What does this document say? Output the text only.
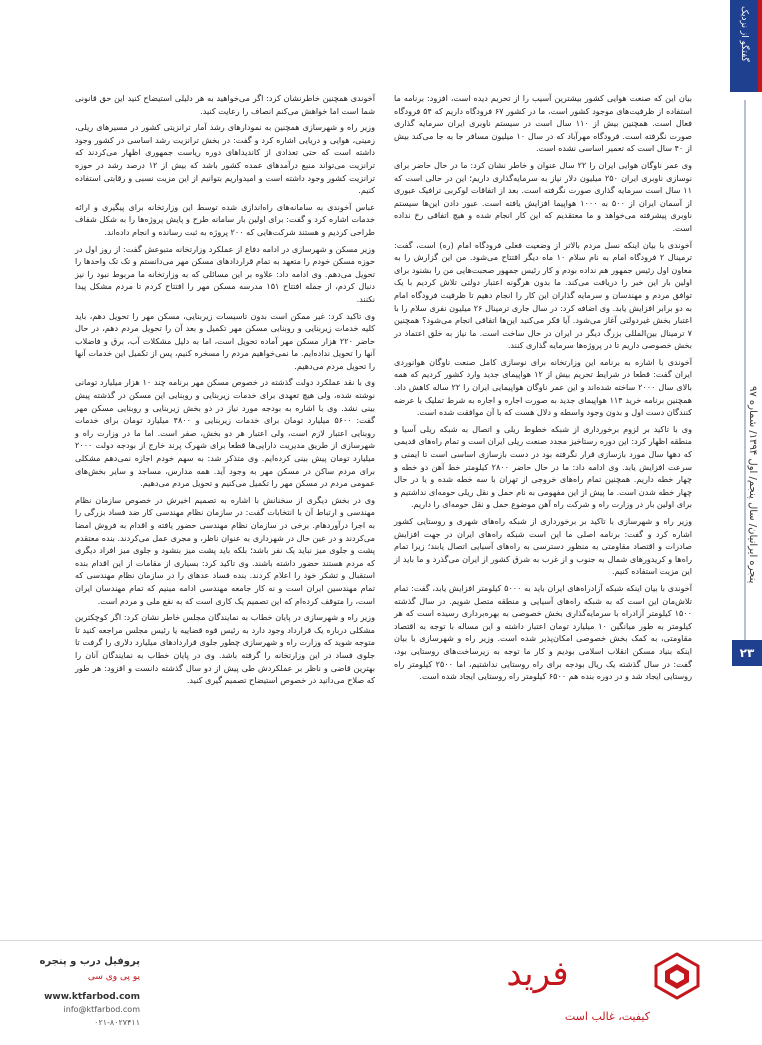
گفتگو از نزدیک
پنجره ایرانیان/ سال پنجم/ اول ۱۳۹۴/ شماره ۹۷
۲۳

بیان این که صنعت هوایی کشور بیشترین آسیب را از تحریم دیده است، افزود: برنامه ما استفاده از ظرفیت‌های موجود کشور است، ما در کشور ۶۷ فرودگاه داریم که ۵۴ فرودگاه فعال است. همچنین بیش از ۱۱۰ سال است در سیستم ناوبری ایران سرمایه گذاری صورت نگرفته است. فرودگاه مهرآباد که در سال ۱۰ میلیون مسافر جا به جا می‌کند بیش از ۴۰ سال است که تعمیر اساسی نشده است.

وی عمر ناوگان هوایی ایران را ۲۲ سال عنوان و خاطر نشان کرد: ما در حال حاضر برای نوسازی ناوبری ایران ۲۵۰ میلیون دلار نیاز به سرمایه‌گذاری داریم؛ این در حالی است که ۱۱ سال است سرمایه گذاری صورت نگرفته است. بعد از اتفاقات لوکربی ترافیک عبوری از آسمان ایران از ۵۰۰ به ۱۰۰۰ هواپیما افزایش یافته است. عبور دادن این‌ها سیستم ناوبری پیشرفته می‌خواهد و ما معتقدیم که این کار انجام شده و هیچ اتفاقی رخ نداده است.

آخوندی با بیان اینکه نسل مردم بالاتر از وضعیت فعلی فرودگاه امام (ره) است، گفت: ترمینال ۲ فرودگاه امام به نام سلام ۱۰ ماه دیگر افتتاح می‌شود. من این گزارش را به معاون اول رئیس جمهور هم نداده بودم و کار رئیس جمهور صحبت‌هایی من را بشنود برای اولین بار این خبر را دریافت می‌کند. ما بدون هرگونه اعتبار دولتی تلاش کردیم با یک توافق مردم و مهندسان و سرمایه گذاران این کار را انجام دهیم تا ظرفیت فرودگاه امام به دو برابر افزایش یابد. وی اضافه کرد: در سال جاری ترمینال ۲۶ میلیون نفری سلام را با اعتبار بخش غیردولتی آغاز می‌شود. آیا فکر می‌کنید این‌ها اتفاقی انجام می‌شود؟ همچنین ۷ ترمینال بین‌المللی بزرگ دیگر در ایران در حال ساخت است. ما نیاز به خلق اعتماد در بخش خصوصی داریم تا در پروژه‌ها سرمایه گذاری کنند.

آخوندی با اشاره به برنامه این وزارتخانه برای نوسازی کامل صنعت ناوگان هوانوردی ایران گفت: قطعا در شرایط تحریم بیش از ۱۲ هواپیمای جدید وارد کشور کردیم که همه بالای سال ۲۰۰۰ ساخته شده‌اند و این عمر ناوگان هواپیمایی ایران را ۲۲ ساله کاهش داد. همچنین برنامه خرید ۱۱۴ هواپیمای جدید به صورت اجاره و اجاره به شرط تملیک با عرضه کنندگان دست اول و بدون وجود واسطه و دلال هست که با آن موافقت شده است.

وی با تاکید بر لزوم برخورداری از شبکه خطوط ریلی و اتصال به شبکه ریلی آسیا و منطقه اظهار کرد: این دوره رستاخیز مجدد صنعت ریلی ایران است و تمام راه‌های قدیمی که دهها سال مورد بازسازی قرار نگرفته بود در دست بازسازی اساسی است تا ایمنی و سرعت افزایش یابد. وی ادامه داد: ما در حال حاضر ۲۸۰۰ کیلومتر خط آهن دو خطه و چهار خطه داریم. همچنین تمام راه‌های خروجی از تهران با سه خطه شده و یا در حال چهار خطه شدن است. ما پیش از این مفهومی به نام حمل و نقل ریلی حومه‌ای نداشتیم و برای اولین بار در وزارت راه و شرکت راه آهن موضوع حمل و نقل حومه‌ای را داریم.

وزیر راه و شهرسازی با تاکید بر برخورداری از شبکه راه‌های شهری و روستایی کشور اشاره کرد و گفت: برنامه اصلی ما این است شبکه راه‌های ایران در جهت افزایش صادرات و اقتصاد مقاومتی به منظور دسترسی به راه‌های آسیایی اتصال یابند؛ زیرا تمام راه‌ها و کریدورهای شمال به جنوب و از غرب به شرق کشور از ایران می‌گذرد و ما باید از این مزیت استفاده کنیم.

آخوندی با بیان اینکه شبکه آزادراه‌های ایران باید به ۵۰۰۰ کیلومتر افزایش یابد، گفت: تمام تلاش‌مان این است که به شبکه راه‌های آسیایی و منطقه متصل شویم. در سال گذشته ۱۵۰۰ کیلومتر آزادراه با سرمایه‌گذاری بخش خصوصی به بهره‌برداری رسیده است که هر کیلومتر به طور میانگین ۱۰ میلیارد تومان اعتبار داشته و این مساله با توجه به اقتصاد مقاومتی، به کمک بخش خصوصی امکان‌پذیر شده است. وزیر راه و شهرسازی با بیان اینکه بنیاد مسکن انقلاب اسلامی بودیم و کار ما توجه به زیرساخت‌های روستایی بود، گفت: در سال گذشته یک ریال بودجه برای راه روستایی نداشتیم، اما ۲۵۰۰ کیلومتر راه روستایی ایجاد شد و در دوره بنده هم ۶۵۰۰ کیلومتر راه روستایی ایجاد شده است.

آخوندی همچنین خاطرنشان کرد: اگر می‌خواهید به هر دلیلی استیضاح کنید این حق قانونی شما است اما خواهش می‌کنم انصاف را رعایت کنید.

وزیر راه و شهرسازی همچنین به نمودارهای رشد آمار ترانزیتی کشور در مسیرهای ریلی، زمینی، هوایی و دریایی اشاره کرد و گفت: در بخش ترانزیت رشد اساسی در کشور وجود داشته است که حتی تعدادی از کاندیداهای دوره ریاست جمهوری اظهار می‌کردند که ترانزیت می‌تواند منبع درآمدهای عمده کشور باشد که بیش از ۱۲ درصد رشد در حوزه ترانزیت کشور وجود داشته است و امیدواریم بتوانیم از این مزیت نسبی و رقابتی استفاده کنیم.

عباس آخوندی به سامانه‌های راه‌اندازی شده توسط این وزارتخانه برای پیگیری و ارائه خدمات اشاره کرد و گفت: برای اولین بار سامانه طرح و پایش پروژه‌ها را به شکل شفاف طراحی کردیم و هستند شرکت‌هایی که ۲۰۰ پروژه به ثبت رسانده و انجام داده‌اند.

وزیر مسکن و شهرسازی در ادامه دفاع از عملکرد وزارتخانه متبوعش گفت: از روز اول در حوزه مسکن خودم را متعهد به تمام قراردادهای مسکن مهر می‌دانستم و تک تک واحدها را تحویل می‌دهم. وی ادامه داد: علاوه بر این مسائلی که به وزارتخانه ما مربوط نبود را نیز دنبال کردم، از جمله افتتاح ۱۵۱ مدرسه مسکن مهر را افتتاح کردم تا مردم مشکل پیدا نکنند.

وی تاکید کرد: غیر ممکن است بدون تاسیسات زیربنایی، مسکن مهر را تحویل دهم، باید کلیه خدمات زیربنایی و روبنایی مسکن مهر تکمیل و بعد آن را تحویل مردم دهم، در حال حاضر ۲۲۰ هزار مسکن مهر آماده تحویل است، اما به دلیل مشکلات آب، برق و فاضلاب آنها را تحویل نداده‌ایم. ما نمی‌خواهیم مردم را مسخره کنیم، پس از تکمیل این خدمات آنها را تحویل مردم می‌دهیم.

وی با نقد عملکرد دولت گذشته در خصوص مسکن مهر برنامه چند ۱۰ هزار میلیارد تومانی نوشته شده، ولی هیچ تعهدی برای خدمات زیربنایی و روبنایی این مسکن در گذشته پیش بینی نشد. وی با اشاره به بودجه مورد نیاز در دو بخش زیربنایی و روبنایی مسکن مهر گفت: ۵۶۰۰ میلیارد تومان برای خدمات زیربنایی و ۴۸۰۰ میلیارد تومان برای خدمات روبنایی اعتبار لازم است، ولی اعتبار هر دو بخش، صفر است. اما ما در وزارت راه و شهرسازی از طریق مدیریت دارایی‌ها قطعا برای شهرک پرند خارج از بودجه دولت ۲۰۰۰ میلیارد تومان پیش بینی کرده‌ایم. وی متذکر شد: به سهم خودم اجازه نمی‌دهم مشکلی برای مردم ساکن در مسکن مهر به وجود آید. همه مدارس، مساجد و سایر بخش‌های عمومی مردم در مسکن مهر را تکمیل می‌کنیم و تحویل مردم می‌دهیم.

وی در بخش دیگری از سخنانش با اشاره به تصمیم اخیرش در خصوص سازمان نظام مهندسی و ارتباط آن با انتخابات گفت: در سازمان نظام مهندسی کار ضد فساد بزرگی را به اجرا درآوردهام. برخی در سازمان نظام مهندسی حضور یافته و اقدام به فروش امضا می‌کردند و در عین حال در شهرداری به عنوان ناظر، و مجری عمل می‌کردند. بنده معتقدم پشت و جلوی میز نباید یک نفر باشد؛ بلکه باید پشت میز بنشود و جلوی میز افراد دیگری که مردم هستند حضور داشته باشند. وی تاکید کرد: بسیاری از مقامات از این اقدام بنده استقبال و تشکر خود را اعلام کردند. بنده فساد عدهای را در سازمان نظام مهندسی که تمام مهندسین ایران است و نه کار جامعه مهندسی ادامه مینیم که تمام مهندسان ایران است، را متوقف کرده‌ام که این تصمیم یک کاری است که به نفع ملی و مردم است.

وزیر راه و شهرسازی در پایان خطاب به نمایندگان مجلس خاطر نشان کرد: اگر کوچکترین مشکلی درباره یک قرارداد وجود دارد به رئیس قوه قضاییه یا رئیس مجلس مراجعه کنید تا متوجه شوید که وزارت راه و شهرسازی چطور جلوی قراردادهای میلیارد دلاری را گرفت تا جلوی فساد در این وزارتخانه را گرفته باشد. وی در پایان خطاب به نمایندگان آنان را بهترین قاضی و ناظر بر عملکردش طی پیش از دو سال گذشته دانست و افزود: هر طور که صلاح می‌دانید در خصوص استیضاح تصمیم گیری کنید.

فرید
کیفیت، غالب است
پروفیل درب و پنجره
یو پی وی سی
www.ktfarbod.com
info@ktfarbod.com
۰۲۱-۸۰۲۷۴۱۱
